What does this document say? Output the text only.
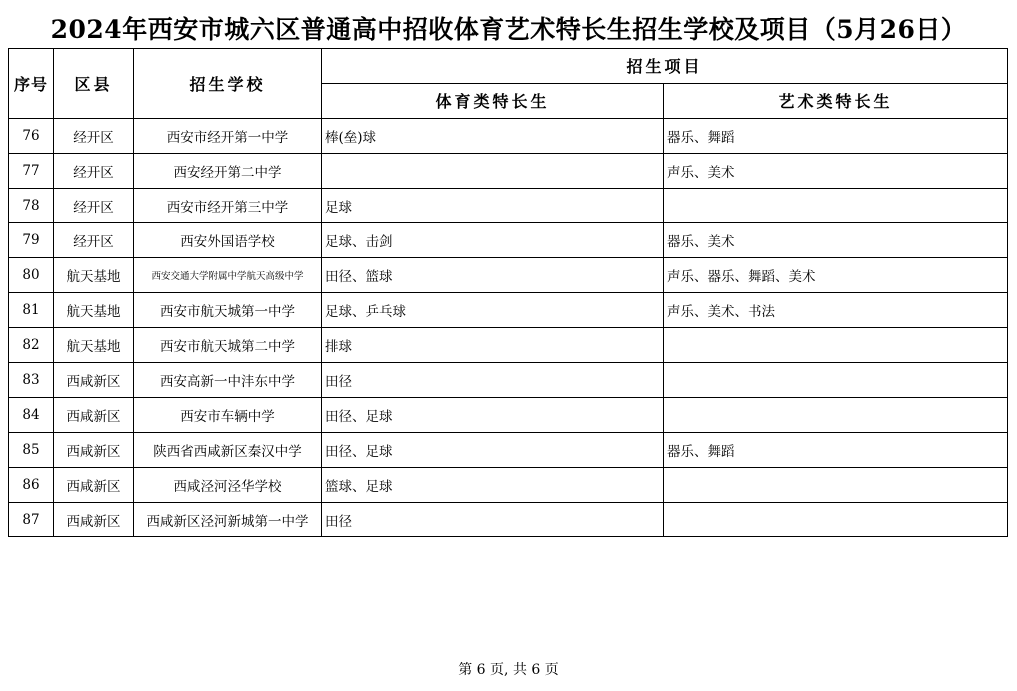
2024年西安市城六区普通高中招收体育艺术特长生招生学校及项目（5月26日）
序号	区县	招生学校	招生项目	
			体育类特长生	艺术类特长生
76	经开区	西安市经开第一中学	棒(垒)球	器乐、舞蹈
77	经开区	西安经开第二中学		声乐、美术
78	经开区	西安市经开第三中学	足球	
79	经开区	西安外国语学校	足球、击剑	器乐、美术
80	航天基地	西安交通大学附属中学航天高级中学	田径、篮球	声乐、器乐、舞蹈、美术
81	航天基地	西安市航天城第一中学	足球、乒乓球	声乐、美术、书法
82	航天基地	西安市航天城第二中学	排球	
83	西咸新区	西安高新一中沣东中学	田径	
84	西咸新区	西安市车辆中学	田径、足球	
85	西咸新区	陕西省西咸新区秦汉中学	田径、足球	器乐、舞蹈
86	西咸新区	西咸泾河泾华学校	篮球、足球	
87	西咸新区	西咸新区泾河新城第一中学	田径	
第 6 页, 共 6 页
